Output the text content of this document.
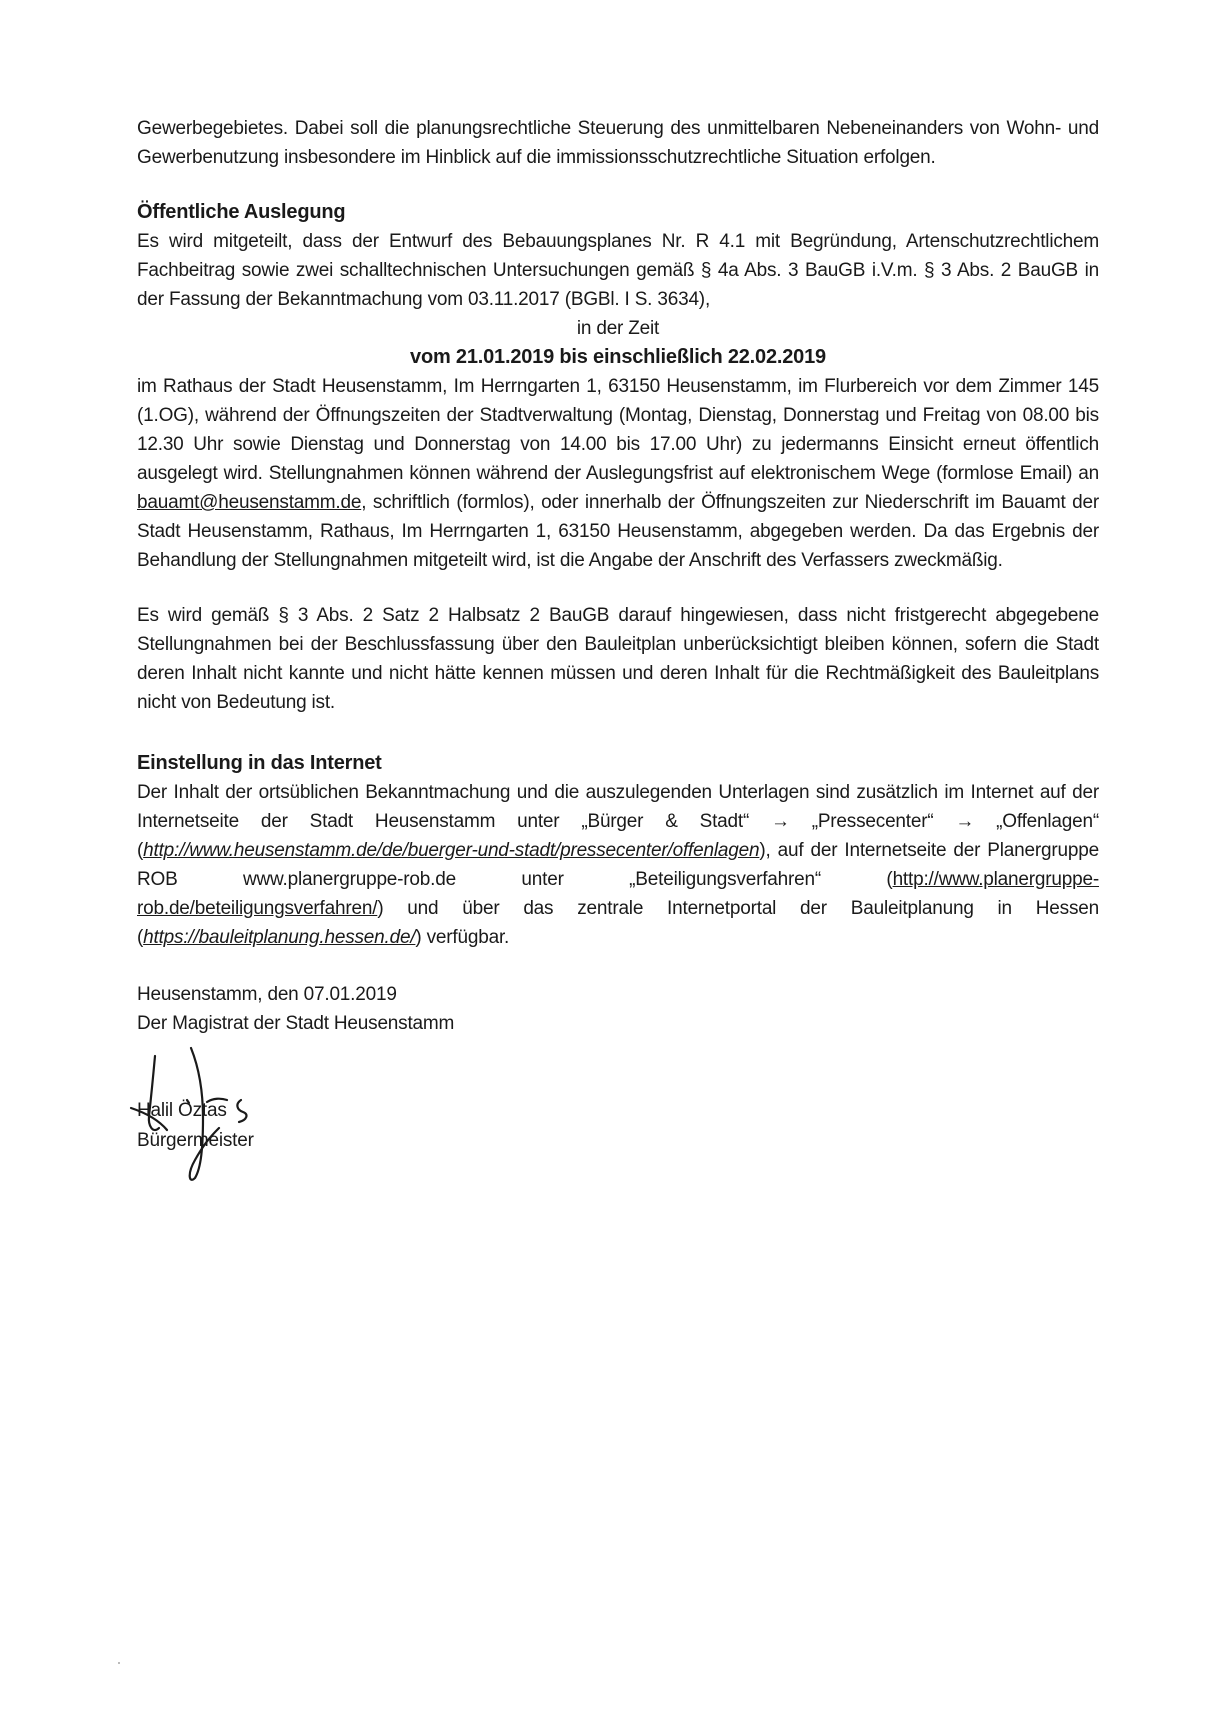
Gewerbegebietes. Dabei soll die planungsrechtliche Steuerung des unmittelbaren Nebeneinanders von Wohn- und Gewerbenutzung insbesondere im Hinblick auf die immissionsschutzrechtliche Situation erfolgen.

Öffentliche Auslegung

Es wird mitgeteilt, dass der Entwurf des Bebauungsplanes Nr. R 4.1 mit Begründung, Artenschutzrechtlichem Fachbeitrag sowie zwei schalltechnischen Untersuchungen gemäß § 4a Abs. 3 BauGB i.V.m. § 3 Abs. 2 BauGB in der Fassung der Bekanntmachung vom 03.11.2017 (BGBl. I S. 3634),

in der Zeit

vom 21.01.2019 bis einschließlich 22.02.2019

im Rathaus der Stadt Heusenstamm, Im Herrngarten 1, 63150 Heusenstamm, im Flurbereich vor dem Zimmer 145 (1.OG), während der Öffnungszeiten der Stadtverwaltung (Montag, Dienstag, Donnerstag und Freitag von 08.00 bis 12.30 Uhr sowie Dienstag und Donnerstag von 14.00 bis 17.00 Uhr) zu jedermanns Einsicht erneut öffentlich ausgelegt wird. Stellungnahmen können während der Auslegungsfrist auf elektronischem Wege (formlose Email) an bauamt@heusenstamm.de, schriftlich (formlos), oder innerhalb der Öffnungszeiten zur Niederschrift im Bauamt der Stadt Heusenstamm, Rathaus, Im Herrngarten 1, 63150 Heusenstamm, abgegeben werden. Da das Ergebnis der Behandlung der Stellungnahmen mitgeteilt wird, ist die Angabe der Anschrift des Verfassers zweckmäßig.

Es wird gemäß § 3 Abs. 2 Satz 2 Halbsatz 2 BauGB darauf hingewiesen, dass nicht fristgerecht abgegebene Stellungnahmen bei der Beschlussfassung über den Bauleitplan unberücksichtigt bleiben können, sofern die Stadt deren Inhalt nicht kannte und nicht hätte kennen müssen und deren Inhalt für die Rechtmäßigkeit des Bauleitplans nicht von Bedeutung ist.

Einstellung in das Internet

Der Inhalt der ortsüblichen Bekanntmachung und die auszulegenden Unterlagen sind zusätzlich im Internet auf der Internetseite der Stadt Heusenstamm unter „Bürger & Stadt“ → „Pressecenter“ → „Offenlagen“ (http://www.heusenstamm.de/de/buerger-und-stadt/pressecenter/offenlagen), auf der Internetseite der Planergruppe ROB www.planergruppe-rob.de unter „Beteiligungsverfahren“ (http://www.planergruppe-rob.de/beteiligungsverfahren/) und über das zentrale Internetportal der Bauleitplanung in Hessen (https://bauleitplanung.hessen.de/) verfügbar.

Heusenstamm, den 07.01.2019
Der Magistrat der Stadt Heusenstamm
Halil Öztas
Bürgermeister
